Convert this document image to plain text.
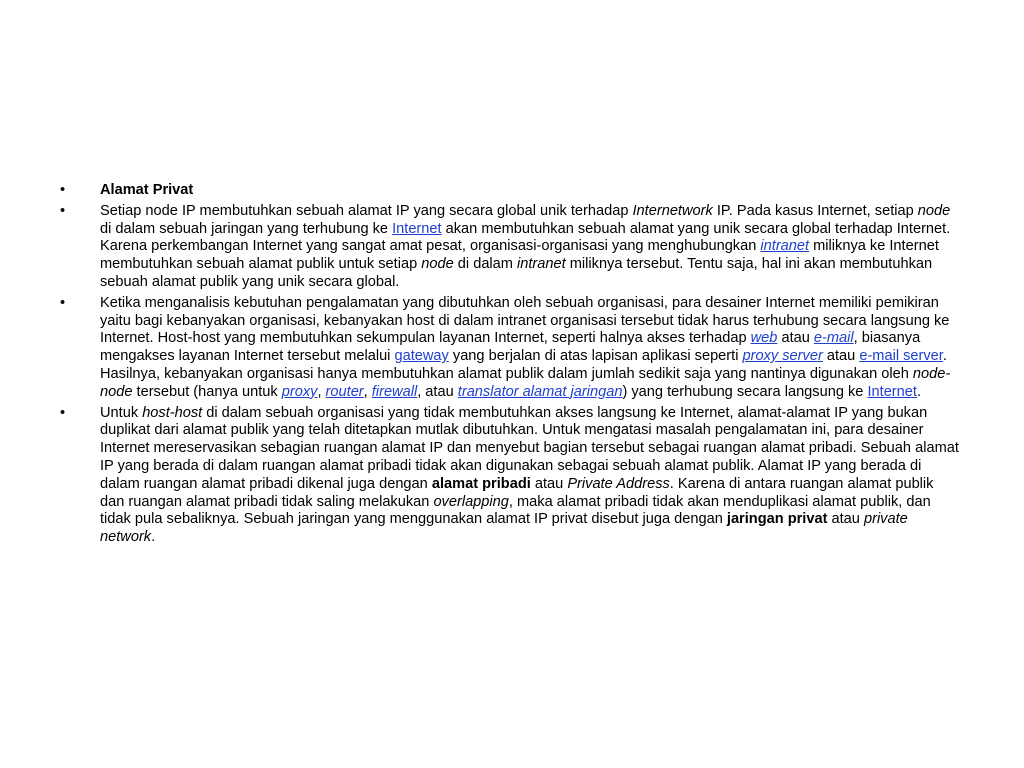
•	Alamat Privat
•	Setiap node IP membutuhkan sebuah alamat IP yang secara global unik terhadap Internetwork IP. Pada kasus Internet, setiap node di dalam sebuah jaringan yang terhubung ke Internet akan membutuhkan sebuah alamat yang unik secara global terhadap Internet. Karena perkembangan Internet yang sangat amat pesat, organisasi-organisasi yang menghubungkan intranet miliknya ke Internet membutuhkan sebuah alamat publik untuk setiap node di dalam intranet miliknya tersebut. Tentu saja, hal ini akan membutuhkan sebuah alamat publik yang unik secara global.
•	Ketika menganalisis kebutuhan pengalamatan yang dibutuhkan oleh sebuah organisasi, para desainer Internet memiliki pemikiran yaitu bagi kebanyakan organisasi, kebanyakan host di dalam intranet organisasi tersebut tidak harus terhubung secara langsung ke Internet. Host-host yang membutuhkan sekumpulan layanan Internet, seperti halnya akses terhadap web atau e-mail, biasanya mengakses layanan Internet tersebut melalui gateway yang berjalan di atas lapisan aplikasi seperti proxy server atau e-mail server. Hasilnya, kebanyakan organisasi hanya membutuhkan alamat publik dalam jumlah sedikit saja yang nantinya digunakan oleh node-node tersebut (hanya untuk proxy, router, firewall, atau translator alamat jaringan) yang terhubung secara langsung ke Internet.
•	Untuk host-host di dalam sebuah organisasi yang tidak membutuhkan akses langsung ke Internet, alamat-alamat IP yang bukan duplikat dari alamat publik yang telah ditetapkan mutlak dibutuhkan. Untuk mengatasi masalah pengalamatan ini, para desainer Internet mereservasikan sebagian ruangan alamat IP dan menyebut bagian tersebut sebagai ruangan alamat pribadi. Sebuah alamat IP yang berada di dalam ruangan alamat pribadi tidak akan digunakan sebagai sebuah alamat publik. Alamat IP yang berada di dalam ruangan alamat pribadi dikenal juga dengan alamat pribadi atau Private Address. Karena di antara ruangan alamat publik dan ruangan alamat pribadi tidak saling melakukan overlapping, maka alamat pribadi tidak akan menduplikasi alamat publik, dan tidak pula sebaliknya. Sebuah jaringan yang menggunakan alamat IP privat disebut juga dengan jaringan privat atau private network.
